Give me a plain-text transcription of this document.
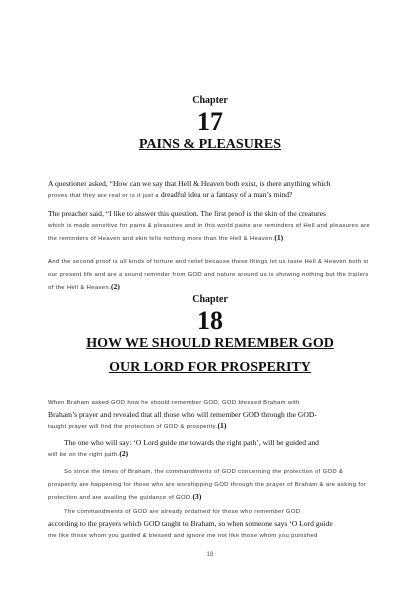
Chapter
17
PAINS & PLEASURES
A questioner asked, “How can we say that Hell & Heaven both exist, is there anything which
proves that they are real or is it just a dreadful idea or a fantasy of a man’s mind?
The preacher said, “I like to answer this question. The first proof is the skin of the creatures
which is made sensitive for pains & pleasures and in this world pains are reminders of Hell and pleasures are the reminders of Heaven and skin tells nothing more than the Hell & Heaven.(1)
And the second proof is all kinds of torture and relief because these things let us taste Hell & Heaven both in our present life and are a sound reminder from GOD and nature around us is showing nothing but the trailers of the Hell & Heaven.(2)
Chapter
18
HOW WE SHOULD REMEMBER GOD
OUR LORD FOR PROSPERITY
When Braham asked GOD how he should remember GOD, GOD blessed Braham with
Braham’s prayer and revealed that all those who will remember GOD through the GOD-
taught prayer will find the protection of GOD & prosperity.(1)
The one who will say: ‘O Lord guide me towards the right path’, will be guided and
will be on the right path.(2)
So since the times of Braham, the commandments of GOD concerning the protection of GOD & prosperity are happening for those who are worshipping GOD through the prayer of Braham & are asking for protection and are availing the guidance of GOD.(3)
The commandments of GOD are already ordained for those who remember GOD
according to the prayers which GOD taught to Braham, so when someone says ‘O Lord guide
me like those whom you guided & blessed and ignore me not like those whom you punished
18
